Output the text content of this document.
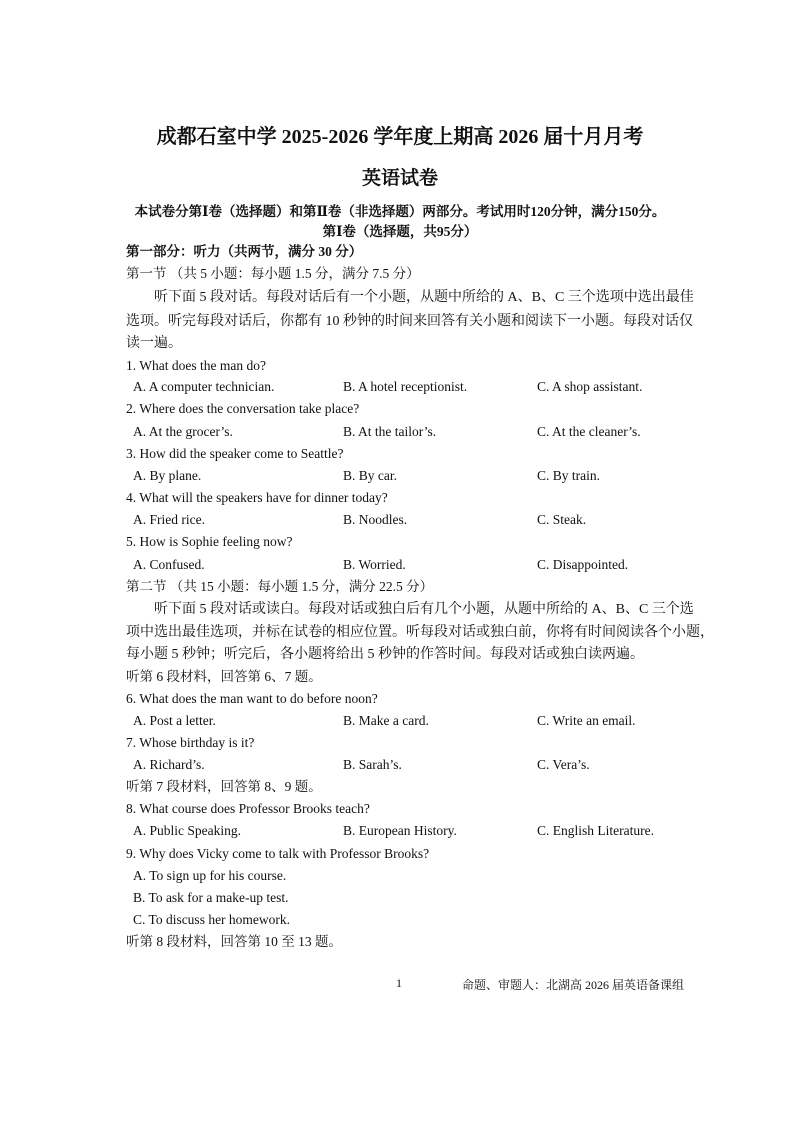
成都石室中学 2025-2026 学年度上期高 2026 届十月月考
英语试卷
本试卷分第Ⅰ卷（选择题）和第Ⅱ卷（非选择题）两部分。考试用时120分钟，满分150分。
第Ⅰ卷（选择题，共95分）
第一部分：听力（共两节，满分 30 分）
第一节 （共 5 小题：每小题 1.5 分，满分 7.5 分）
听下面 5 段对话。每段对话后有一个小题，从题中所给的 A、B、C 三个选项中选出最佳
选项。听完每段对话后，你都有 10 秒钟的时间来回答有关小题和阅读下一小题。每段对话仅
读一遍。
1. What does the man do?
A. A computer technician.	B. A hotel receptionist.	C. A shop assistant.
2. Where does the conversation take place?
A. At the grocer’s.	B. At the tailor’s.	C. At the cleaner’s.
3. How did the speaker come to Seattle?
A. By plane.	B. By car.	C. By train.
4. What will the speakers have for dinner today?
A. Fried rice.	B. Noodles.	C. Steak.
5. How is Sophie feeling now?
A. Confused.	B. Worried.	C. Disappointed.
第二节 （共 15 小题：每小题 1.5 分，满分 22.5 分）
听下面 5 段对话或读白。每段对话或独白后有几个小题，从题中所给的 A、B、C 三个选
项中选出最佳选项，并标在试卷的相应位置。听每段对话或独白前，你将有时间阅读各个小题，
每小题 5 秒钟；听完后，各小题将给出 5 秒钟的作答时间。每段对话或独白读两遍。
听第 6 段材料，回答第 6、7 题。
6. What does the man want to do before noon?
A. Post a letter.	B. Make a card.	C. Write an email.
7. Whose birthday is it?
A. Richard’s.	B. Sarah’s.	C. Vera’s.
听第 7 段材料，回答第 8、9 题。
8. What course does Professor Brooks teach?
A. Public Speaking.	B. European History.	C. English Literature.
9. Why does Vicky come to talk with Professor Brooks?
A. To sign up for his course.
B. To ask for a make-up test.
C. To discuss her homework.
听第 8 段材料，回答第 10 至 13 题。
1	命题、审题人：北湖高 2026 届英语备课组
